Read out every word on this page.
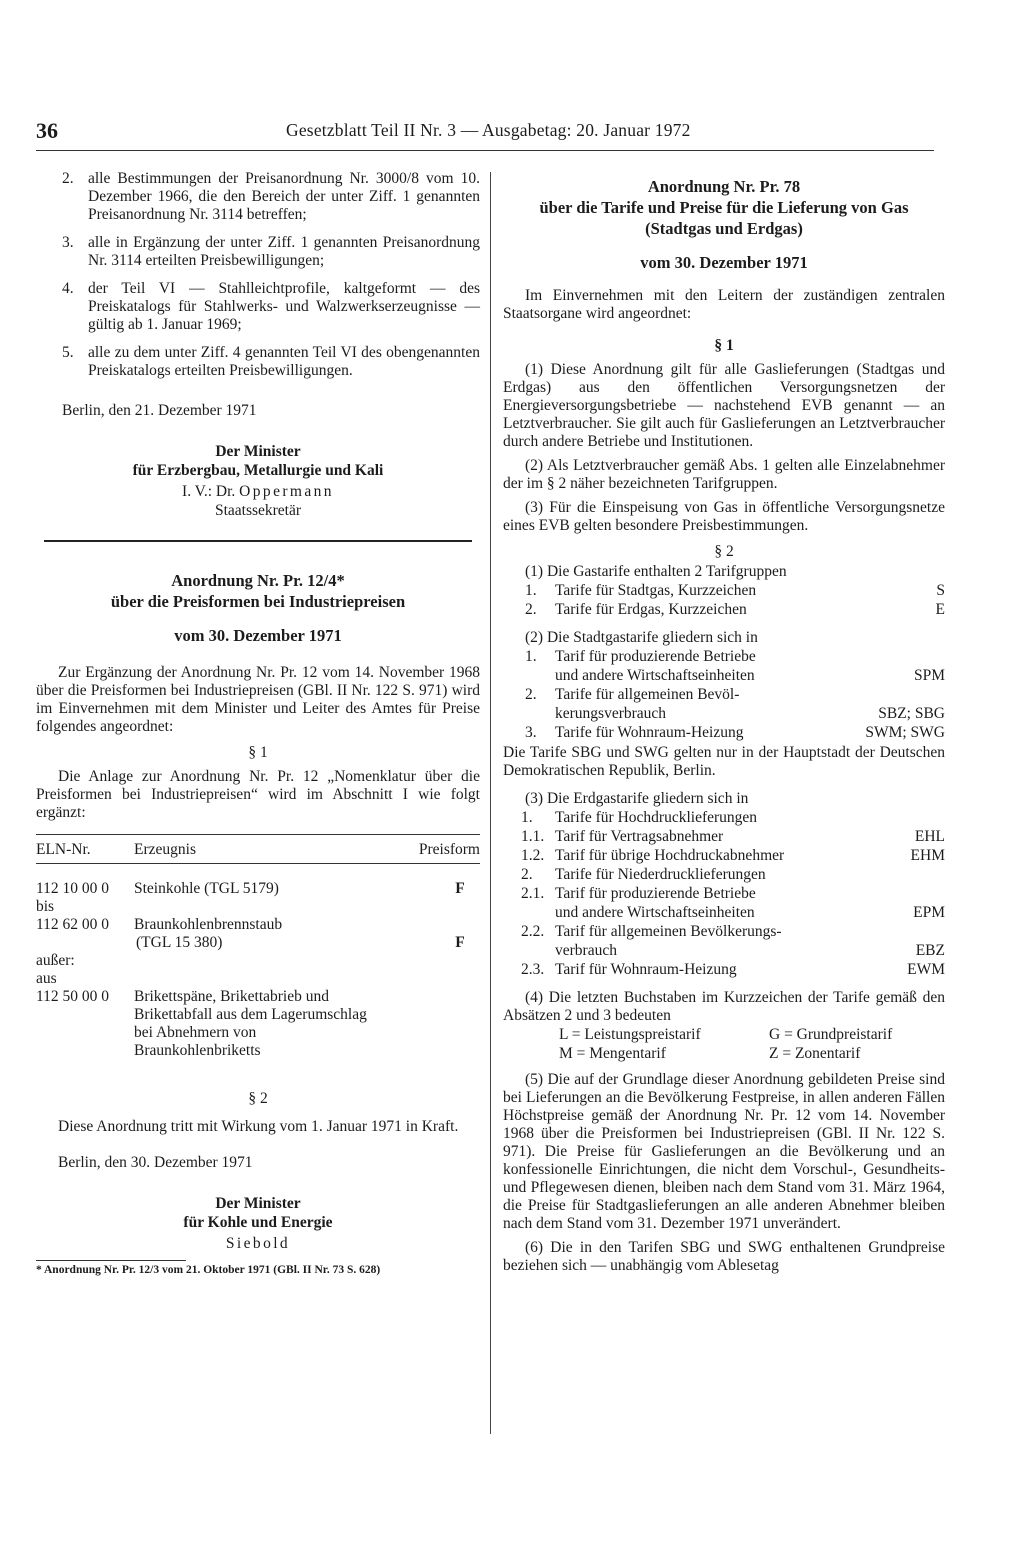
36	Gesetzblatt Teil II Nr. 3 — Ausgabetag: 20. Januar 1972
2. alle Bestimmungen der Preisanordnung Nr. 3000/8 vom 10. Dezember 1966, die den Bereich der unter Ziff. 1 genannten Preisanordnung Nr. 3114 betreffen;
3. alle in Ergänzung der unter Ziff. 1 genannten Preisanordnung Nr. 3114 erteilten Preisbewilligungen;
4. der Teil VI — Stahlleichtprofile, kaltgeformt — des Preiskatalogs für Stahlwerks- und Walzwerkserzeugnisse — gültig ab 1. Januar 1969;
5. alle zu dem unter Ziff. 4 genannten Teil VI des obengenannten Preiskatalogs erteilten Preisbewilligungen.

Berlin, den 21. Dezember 1971

Der Minister

für Erzbergbau, Metallurgie und Kali

I. V.: Dr. Oppermann

Staatssekretär

Anordnung Nr. Pr. 12/4*

über die Preisformen bei Industriepreisen

vom 30. Dezember 1971

Zur Ergänzung der Anordnung Nr. Pr. 12 vom 14. November 1968 über die Preisformen bei Industriepreisen (GBl. II Nr. 122 S. 971) wird im Einvernehmen mit dem Minister und Leiter des Amtes für Preise folgendes angeordnet:

§ 1

Die Anlage zur Anordnung Nr. Pr. 12 „Nomenklatur über die Preisformen bei Industriepreisen“ wird im Abschnitt I wie folgt ergänzt:

ELN-Nr.	Erzeugnis	Preisform
112 10 00 0	Steinkohle (TGL 5179)	F
bis
112 62 00 0	Braunkohlenbrennstaub
(TGL 15 380)	F
außer:
aus
112 50 00 0	Brikettspäne, Brikettabrieb und Brikettabfall aus dem Lagerumschlag bei Abnehmern von Braunkohlenbriketts

§ 2

Diese Anordnung tritt mit Wirkung vom 1. Januar 1971 in Kraft.

Berlin, den 30. Dezember 1971

Der Minister

für Kohle und Energie

Siebold

* Anordnung Nr. Pr. 12/3 vom 21. Oktober 1971 (GBl. II Nr. 73 S. 628)

Anordnung Nr. Pr. 78

über die Tarife und Preise für die Lieferung von Gas (Stadtgas und Erdgas)

vom 30. Dezember 1971

Im Einvernehmen mit den Leitern der zuständigen zentralen Staatsorgane wird angeordnet:

§ 1

(1) Diese Anordnung gilt für alle Gaslieferungen (Stadtgas und Erdgas) aus den öffentlichen Versorgungsnetzen der Energieversorgungsbetriebe — nachstehend EVB genannt — an Letztverbraucher. Sie gilt auch für Gaslieferungen an Letztverbraucher durch andere Betriebe und Institutionen.

(2) Als Letztverbraucher gemäß Abs. 1 gelten alle Einzelabnehmer der im § 2 näher bezeichneten Tarifgruppen.

(3) Für die Einspeisung von Gas in öffentliche Versorgungsnetze eines EVB gelten besondere Preisbestimmungen.

§ 2

(1) Die Gastarife enthalten 2 Tarifgruppen

1.	Tarife für Stadtgas, Kurzzeichen	S
2.	Tarife für Erdgas, Kurzzeichen	E

(2) Die Stadtgastarife gliedern sich in

1.	Tarif für produzierende Betriebe
und andere Wirtschaftseinheiten	SPM
2.	Tarife für allgemeinen Bevöl-
kerungsverbrauch	SBZ; SBG
3.	Tarife für Wohnraum-Heizung	SWM; SWG

Die Tarife SBG und SWG gelten nur in der Hauptstadt der Deutschen Demokratischen Republik, Berlin.

(3) Die Erdgastarife gliedern sich in

1.	Tarife für Hochdrucklieferungen
1.1. Tarif für Vertragsabnehmer	EHL
1.2. Tarif für übrige Hochdruckabnehmer	EHM
2.	Tarife für Niederdrucklieferungen
2.1. Tarif für produzierende Betriebe
und andere Wirtschaftseinheiten	EPM
2.2. Tarif für allgemeinen Bevölkerungs-
verbrauch	EBZ
2.3. Tarif für Wohnraum-Heizung	EWM

(4) Die letzten Buchstaben im Kurzzeichen der Tarife gemäß den Absätzen 2 und 3 bedeuten

L = Leistungspreistarif	G = Grundpreistarif
M = Mengentarif	Z = Zonentarif

(5) Die auf der Grundlage dieser Anordnung gebildeten Preise sind bei Lieferungen an die Bevölkerung Festpreise, in allen anderen Fällen Höchstpreise gemäß der Anordnung Nr. Pr. 12 vom 14. November 1968 über die Preisformen bei Industriepreisen (GBl. II Nr. 122 S. 971). Die Preise für Gaslieferungen an die Bevölkerung und an konfessionelle Einrichtungen, die nicht dem Vorschul-, Gesundheits- und Pflegewesen dienen, bleiben nach dem Stand vom 31. März 1964, die Preise für Stadtgaslieferungen an alle anderen Abnehmer bleiben nach dem Stand vom 31. Dezember 1971 unverändert.

(6) Die in den Tarifen SBG und SWG enthaltenen Grundpreise beziehen sich — unabhängig vom Ablesetag
